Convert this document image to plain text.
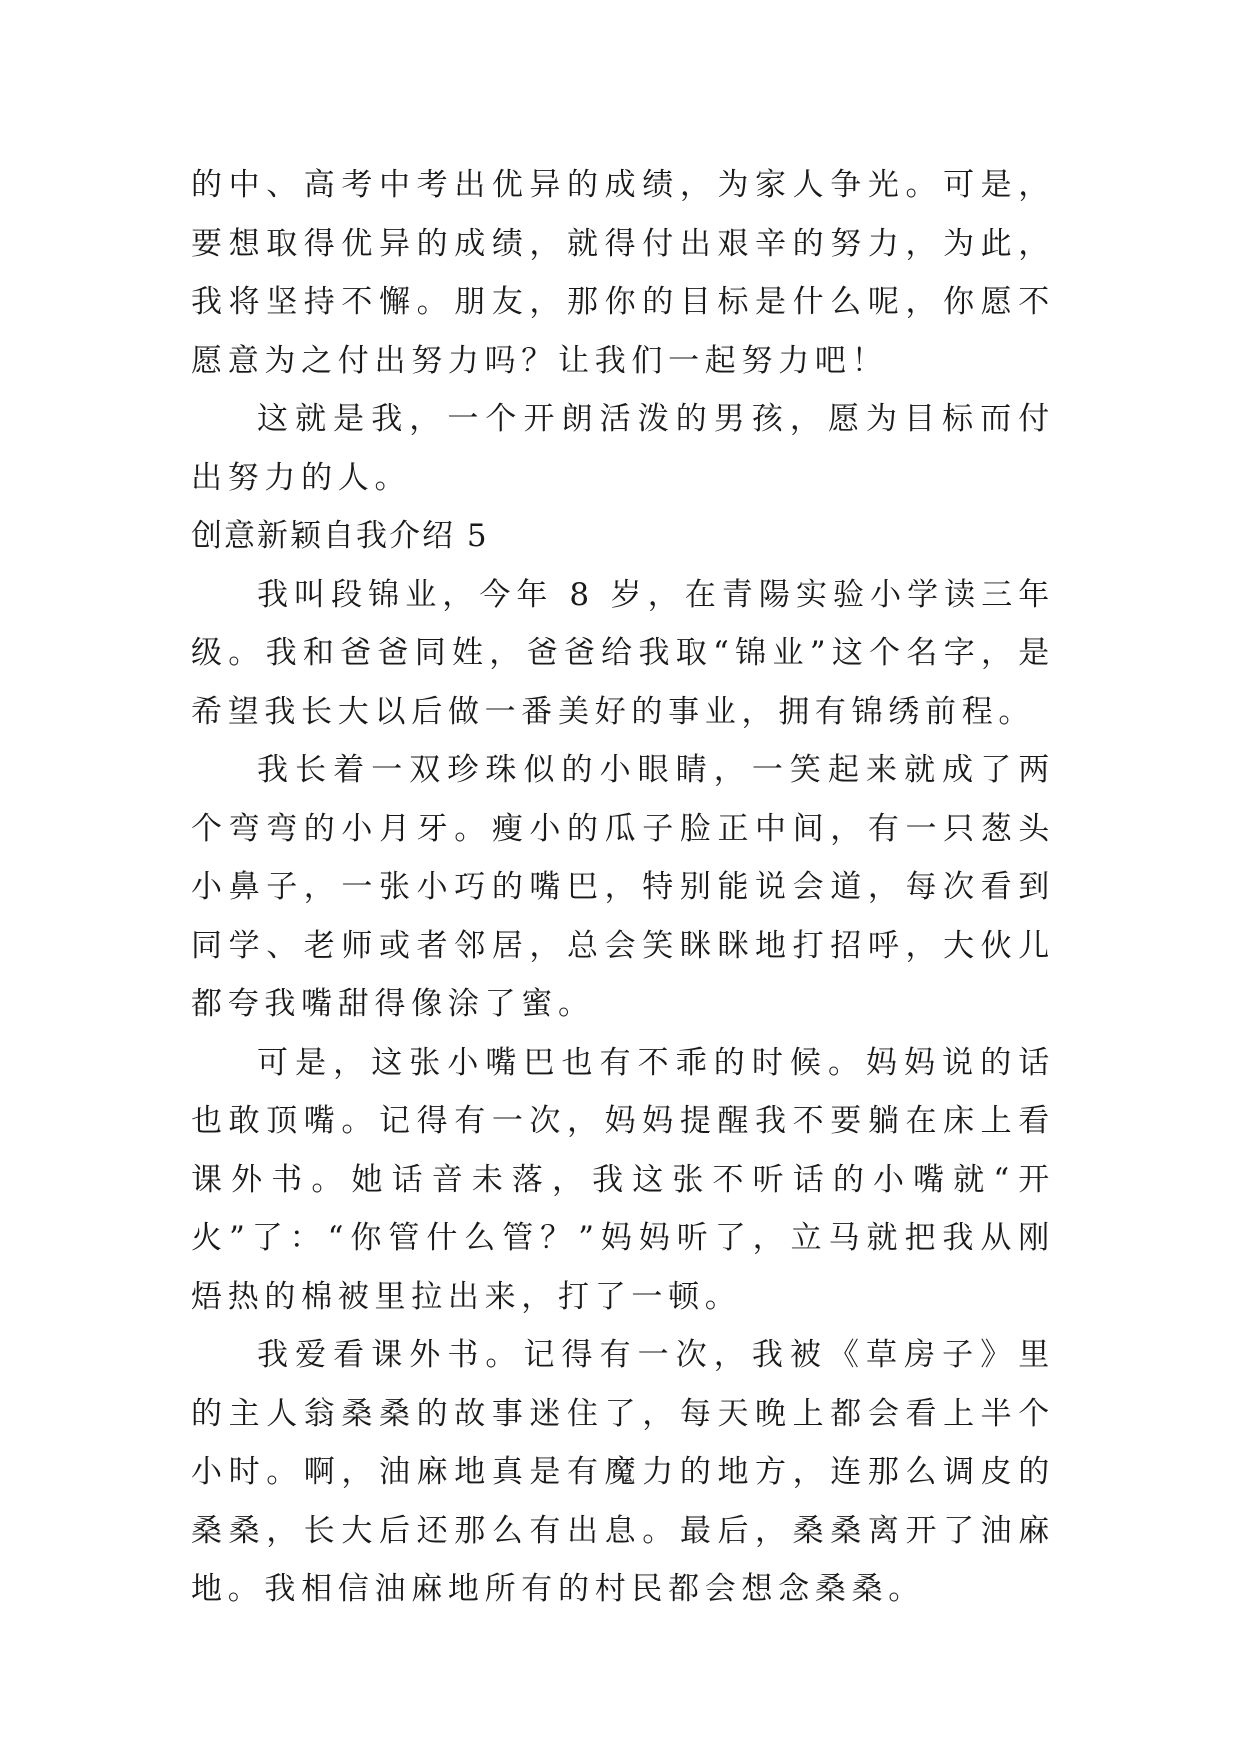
的中、高考中考出优异的成绩，为家人争光。可是，要想取得优异的成绩，就得付出艰辛的努力，为此，我将坚持不懈。朋友，那你的目标是什么呢，你愿不愿意为之付出努力吗？让我们一起努力吧！

这就是我，一个开朗活泼的男孩，愿为目标而付出努力的人。

创意新颖自我介绍 5

我叫段锦业，今年 8 岁，在青陽实验小学读三年级。我和爸爸同姓，爸爸给我取“锦业”这个名字，是希望我长大以后做一番美好的事业，拥有锦绣前程。

我长着一双珍珠似的小眼睛，一笑起来就成了两个弯弯的小月牙。瘦小的瓜子脸正中间，有一只葱头小鼻子，一张小巧的嘴巴，特别能说会道，每次看到同学、老师或者邻居，总会笑眯眯地打招呼，大伙儿都夸我嘴甜得像涂了蜜。

可是，这张小嘴巴也有不乖的时候。妈妈说的话也敢顶嘴。记得有一次，妈妈提醒我不要躺在床上看课外书。她话音未落，我这张不听话的小嘴就“开火”了：“你管什么管？”妈妈听了，立马就把我从刚焐热的棉被里拉出来，打了一顿。

我爱看课外书。记得有一次，我被《草房子》里的主人翁桑桑的故事迷住了，每天晚上都会看上半个小时。啊，油麻地真是有魔力的地方，连那么调皮的桑桑，长大后还那么有出息。最后，桑桑离开了油麻地。我相信油麻地所有的村民都会想念桑桑。
